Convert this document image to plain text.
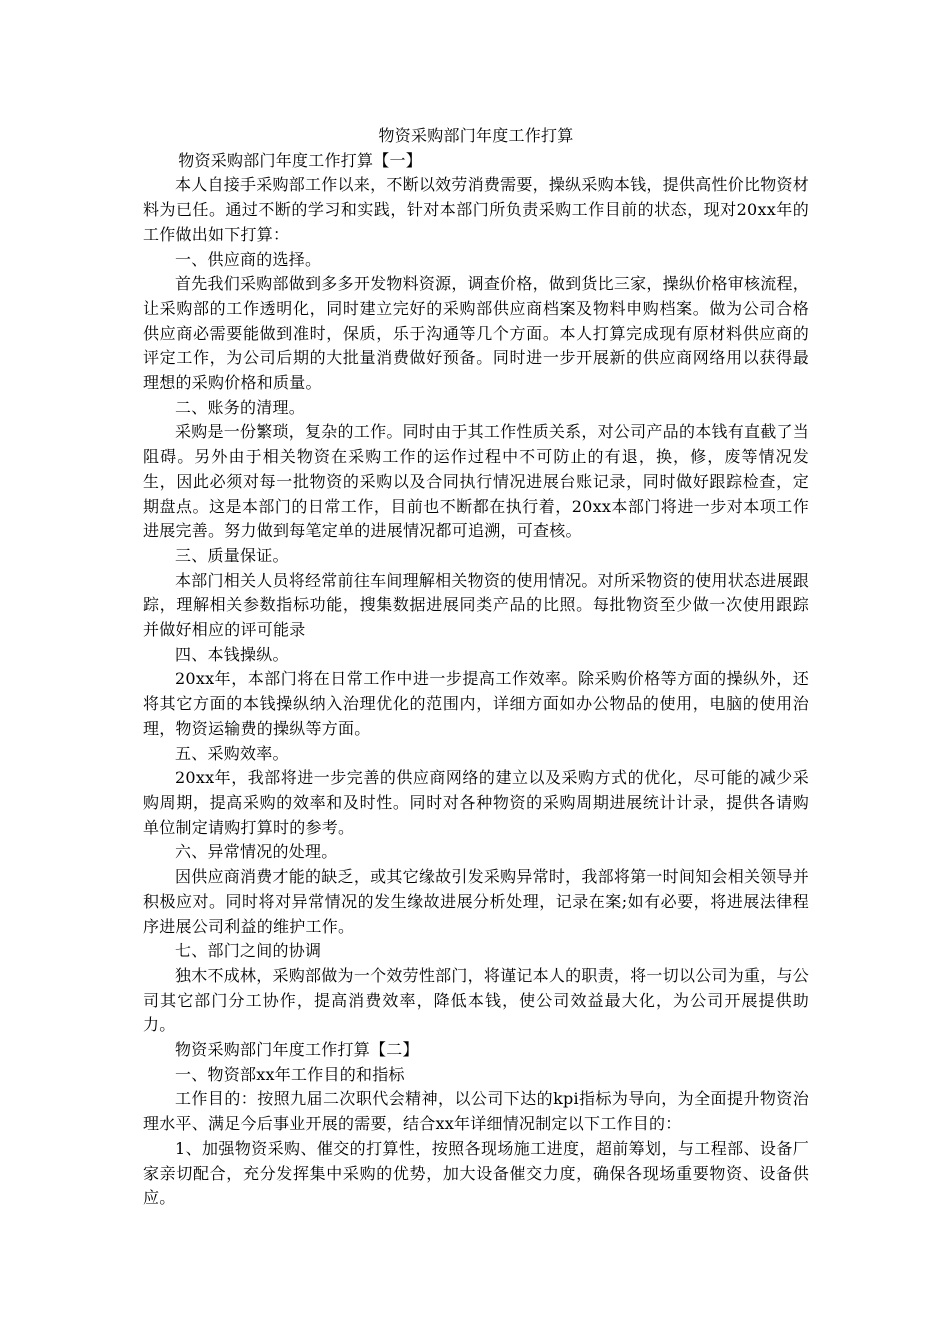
物资采购部门年度工作打算

物资采购部门年度工作打算【一】

本人自接手采购部工作以来，不断以效劳消费需要，操纵采购本钱，提供高性价比物资材料为已任。通过不断的学习和实践，针对本部门所负责采购工作目前的状态，现对20xx年的工作做出如下打算：

一、供应商的选择。

首先我们采购部做到多多开发物料资源，调查价格，做到货比三家，操纵价格审核流程，让采购部的工作透明化，同时建立完好的采购部供应商档案及物料申购档案。做为公司合格供应商必需要能做到准时，保质，乐于沟通等几个方面。本人打算完成现有原材料供应商的评定工作，为公司后期的大批量消费做好预备。同时进一步开展新的供应商网络用以获得最理想的采购价格和质量。

二、账务的清理。

采购是一份繁琐，复杂的工作。同时由于其工作性质关系，对公司产品的本钱有直截了当阻碍。另外由于相关物资在采购工作的运作过程中不可防止的有退，换，修，废等情况发生，因此必须对每一批物资的采购以及合同执行情况进展台账记录，同时做好跟踪检查，定期盘点。这是本部门的日常工作，目前也不断都在执行着，20xx本部门将进一步对本项工作进展完善。努力做到每笔定单的进展情况都可追溯，可查核。

三、质量保证。

本部门相关人员将经常前往车间理解相关物资的使用情况。对所采物资的使用状态进展跟踪，理解相关参数指标功能，搜集数据进展同类产品的比照。每批物资至少做一次使用跟踪并做好相应的评可能录

四、本钱操纵。

20xx年，本部门将在日常工作中进一步提高工作效率。除采购价格等方面的操纵外，还将其它方面的本钱操纵纳入治理优化的范围内，详细方面如办公物品的使用，电脑的使用治理，物资运输费的操纵等方面。

五、采购效率。

20xx年，我部将进一步完善的供应商网络的建立以及采购方式的优化，尽可能的减少采购周期，提高采购的效率和及时性。同时对各种物资的采购周期进展统计计录，提供各请购单位制定请购打算时的参考。

六、异常情况的处理。

因供应商消费才能的缺乏，或其它缘故引发采购异常时，我部将第一时间知会相关领导并积极应对。同时将对异常情况的发生缘故进展分析处理，记录在案;如有必要，将进展法律程序进展公司利益的维护工作。

七、部门之间的协调

独木不成林，采购部做为一个效劳性部门，将谨记本人的职责，将一切以公司为重，与公司其它部门分工协作，提高消费效率，降低本钱，使公司效益最大化，为公司开展提供助力。

物资采购部门年度工作打算【二】

一、物资部xx年工作目的和指标

工作目的：按照九届二次职代会精神，以公司下达的kpi指标为导向，为全面提升物资治理水平、满足今后事业开展的需要，结合xx年详细情况制定以下工作目的：

1、加强物资采购、催交的打算性，按照各现场施工进度，超前筹划，与工程部、设备厂家亲切配合，充分发挥集中采购的优势，加大设备催交力度，确保各现场重要物资、设备供应。
